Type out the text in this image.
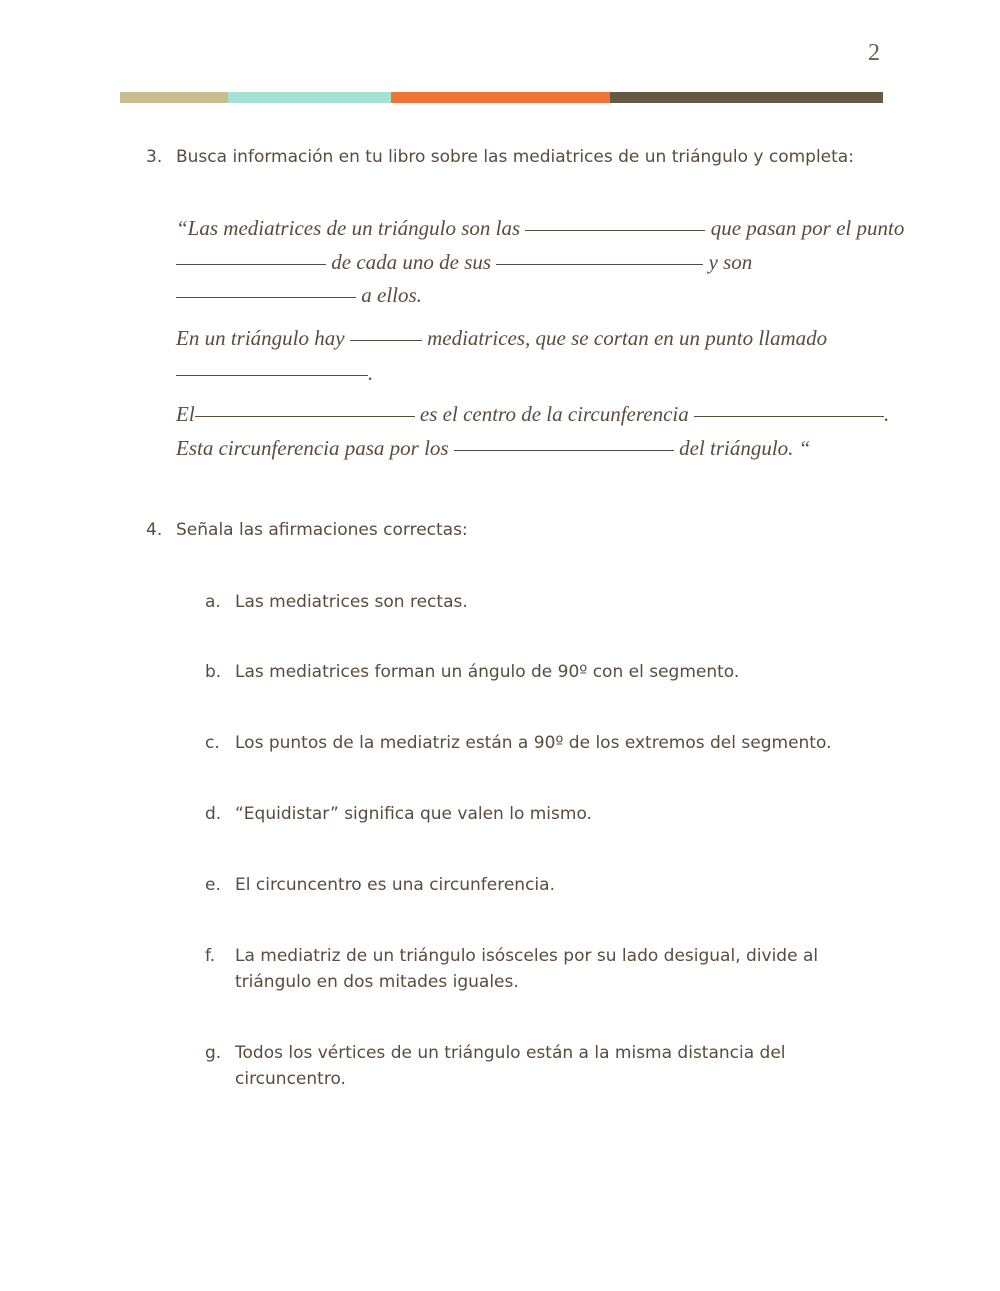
2
3. Busca información en tu libro sobre las mediatrices de un triángulo y completa:
“Las mediatrices de un triángulo son las	que pasan por el punto
de cada uno de sus	y son
a ellos.
En un triángulo hay	mediatrices, que se cortan en un punto llamado
.
El	es el centro de la circunferencia	.
Esta circunferencia pasa por los	del triángulo. “
4. Señala las afirmaciones correctas:
a. Las mediatrices son rectas.
b. Las mediatrices forman un ángulo de 90º con el segmento.
c. Los puntos de la mediatriz están a 90º de los extremos del segmento.
d. “Equidistar” significa que valen lo mismo.
e. El circuncentro es una circunferencia.
f.	La mediatriz de un triángulo isósceles por su lado desigual, divide al triángulo en dos mitades iguales.
g. Todos los vértices de un triángulo están a la misma distancia del circuncentro.
